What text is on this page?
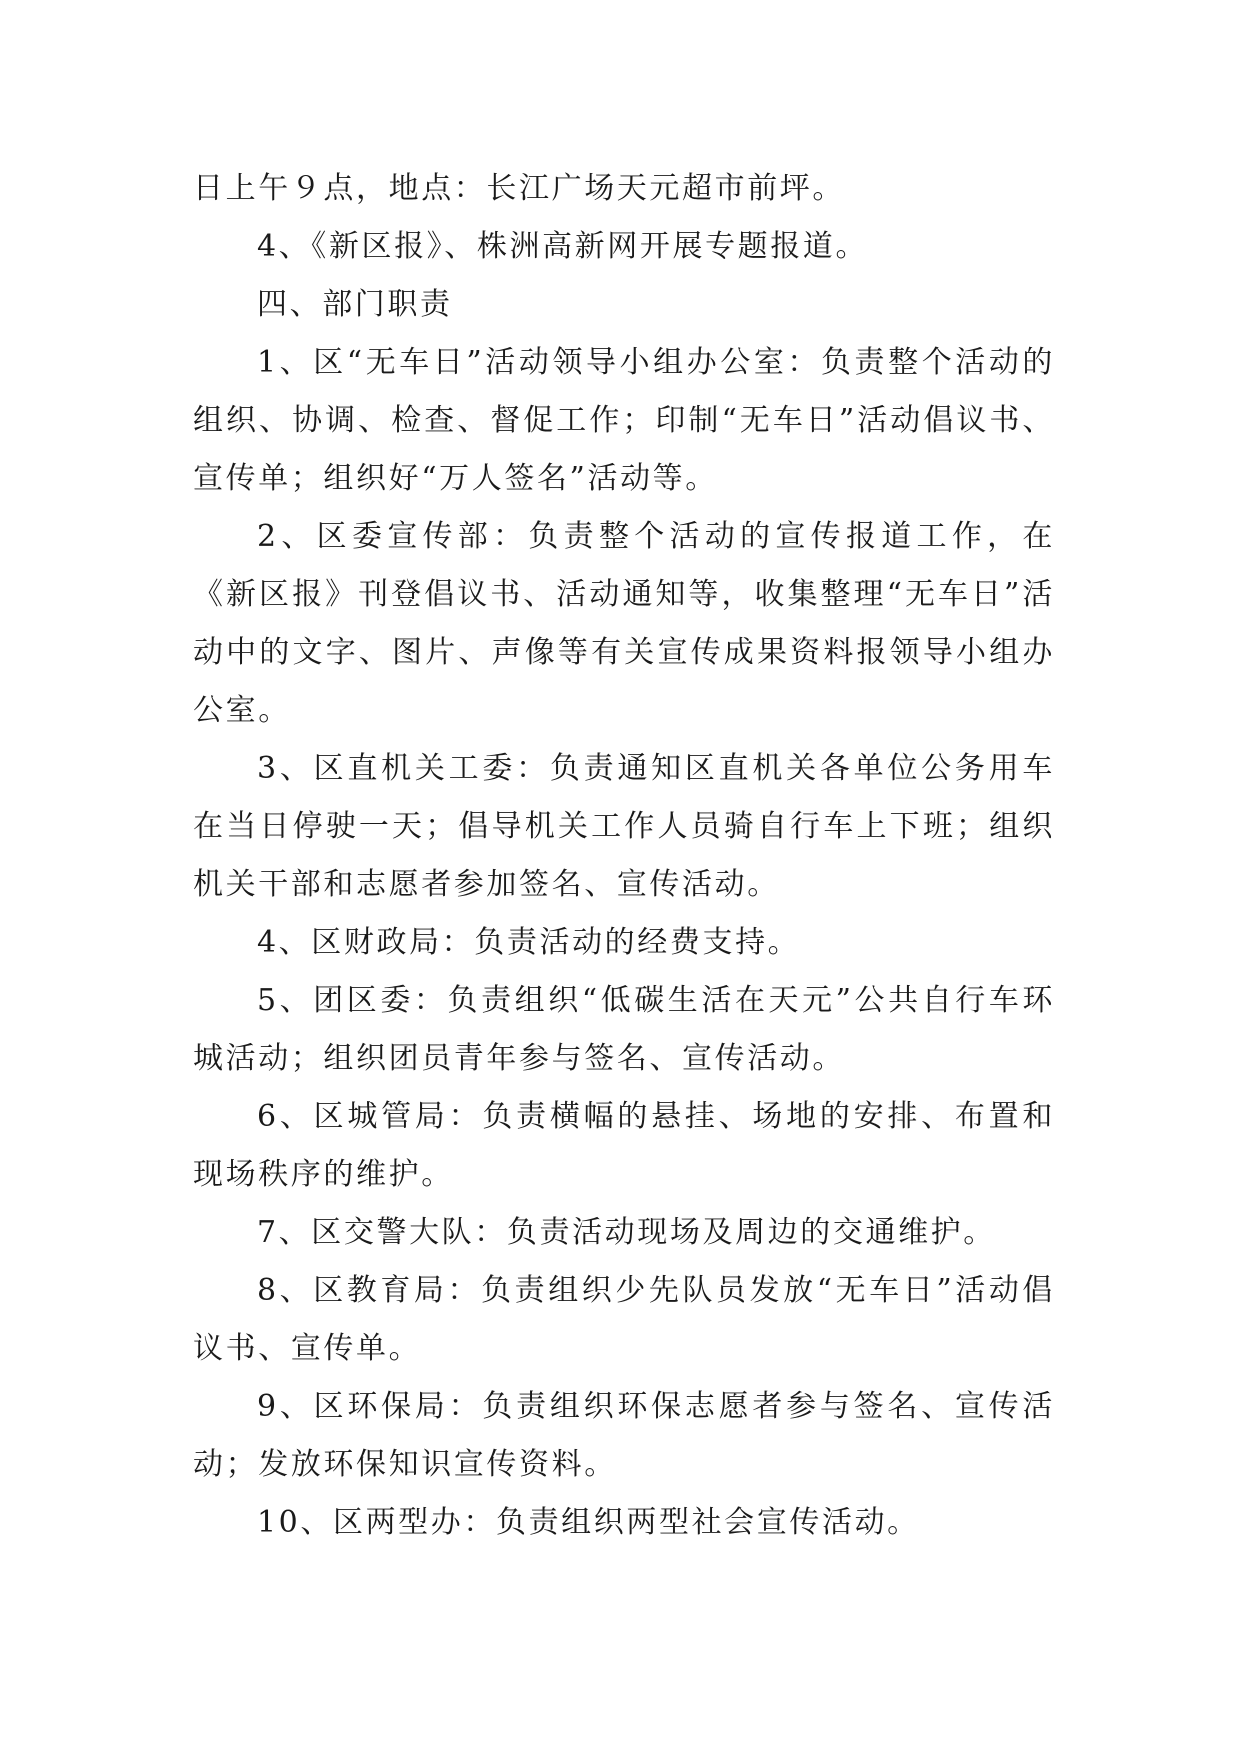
日上午９点，地点：长江广场天元超市前坪。

4、《新区报》、株洲高新网开展专题报道。

四、部门职责

1、区“无车日”活动领导小组办公室：负责整个活动的组织、协调、检查、督促工作；印制“无车日”活动倡议书、宣传单；组织好“万人签名”活动等。

2、区委宣传部：负责整个活动的宣传报道工作，在《新区报》刊登倡议书、活动通知等，收集整理“无车日”活动中的文字、图片、声像等有关宣传成果资料报领导小组办公室。

3、区直机关工委：负责通知区直机关各单位公务用车在当日停驶一天；倡导机关工作人员骑自行车上下班；组织机关干部和志愿者参加签名、宣传活动。

4、区财政局：负责活动的经费支持。

5、团区委：负责组织“低碳生活在天元”公共自行车环城活动；组织团员青年参与签名、宣传活动。

6、区城管局：负责横幅的悬挂、场地的安排、布置和现场秩序的维护。

7、区交警大队：负责活动现场及周边的交通维护。

8、区教育局：负责组织少先队员发放“无车日”活动倡议书、宣传单。

9、区环保局：负责组织环保志愿者参与签名、宣传活动；发放环保知识宣传资料。

10、区两型办：负责组织两型社会宣传活动。
